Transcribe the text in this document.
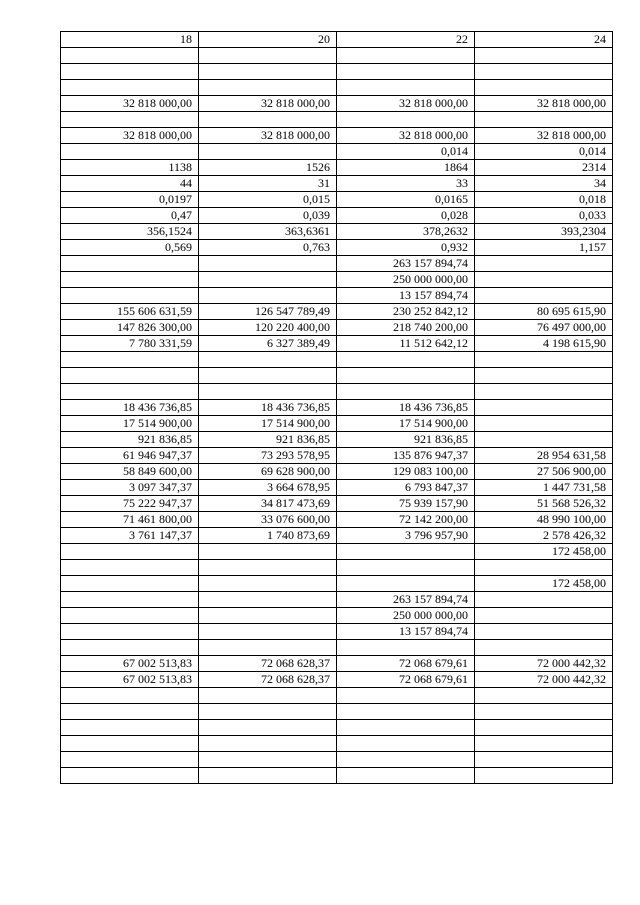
18	20	22	24

32 818 000,00	32 818 000,00	32 818 000,00	32 818 000,00

32 818 000,00	32 818 000,00	32 818 000,00	32 818 000,00
		0,014	0,014
1138	1526	1864	2314
44	31	33	34
0,0197	0,015	0,0165	0,018
0,47	0,039	0,028	0,033
356,1524	363,6361	378,2632	393,2304
0,569	0,763	0,932	1,157
		263 157 894,74	
		250 000 000,00	
		13 157 894,74	
155 606 631,59	126 547 789,49	230 252 842,12	80 695 615,90
147 826 300,00	120 220 400,00	218 740 200,00	76 497 000,00
7 780 331,59	6 327 389,49	11 512 642,12	4 198 615,90

18 436 736,85	18 436 736,85	18 436 736,85	
17 514 900,00	17 514 900,00	17 514 900,00	
921 836,85	921 836,85	921 836,85	
61 946 947,37	73 293 578,95	135 876 947,37	28 954 631,58
58 849 600,00	69 628 900,00	129 083 100,00	27 506 900,00
3 097 347,37	3 664 678,95	6 793 847,37	1 447 731,58
75 222 947,37	34 817 473,69	75 939 157,90	51 568 526,32
71 461 800,00	33 076 600,00	72 142 200,00	48 990 100,00
3 761 147,37	1 740 873,69	3 796 957,90	2 578 426,32
			172 458,00

			172 458,00
		263 157 894,74	
		250 000 000,00	
		13 157 894,74	

67 002 513,83	72 068 628,37	72 068 679,61	72 000 442,32
67 002 513,83	72 068 628,37	72 068 679,61	72 000 442,32
